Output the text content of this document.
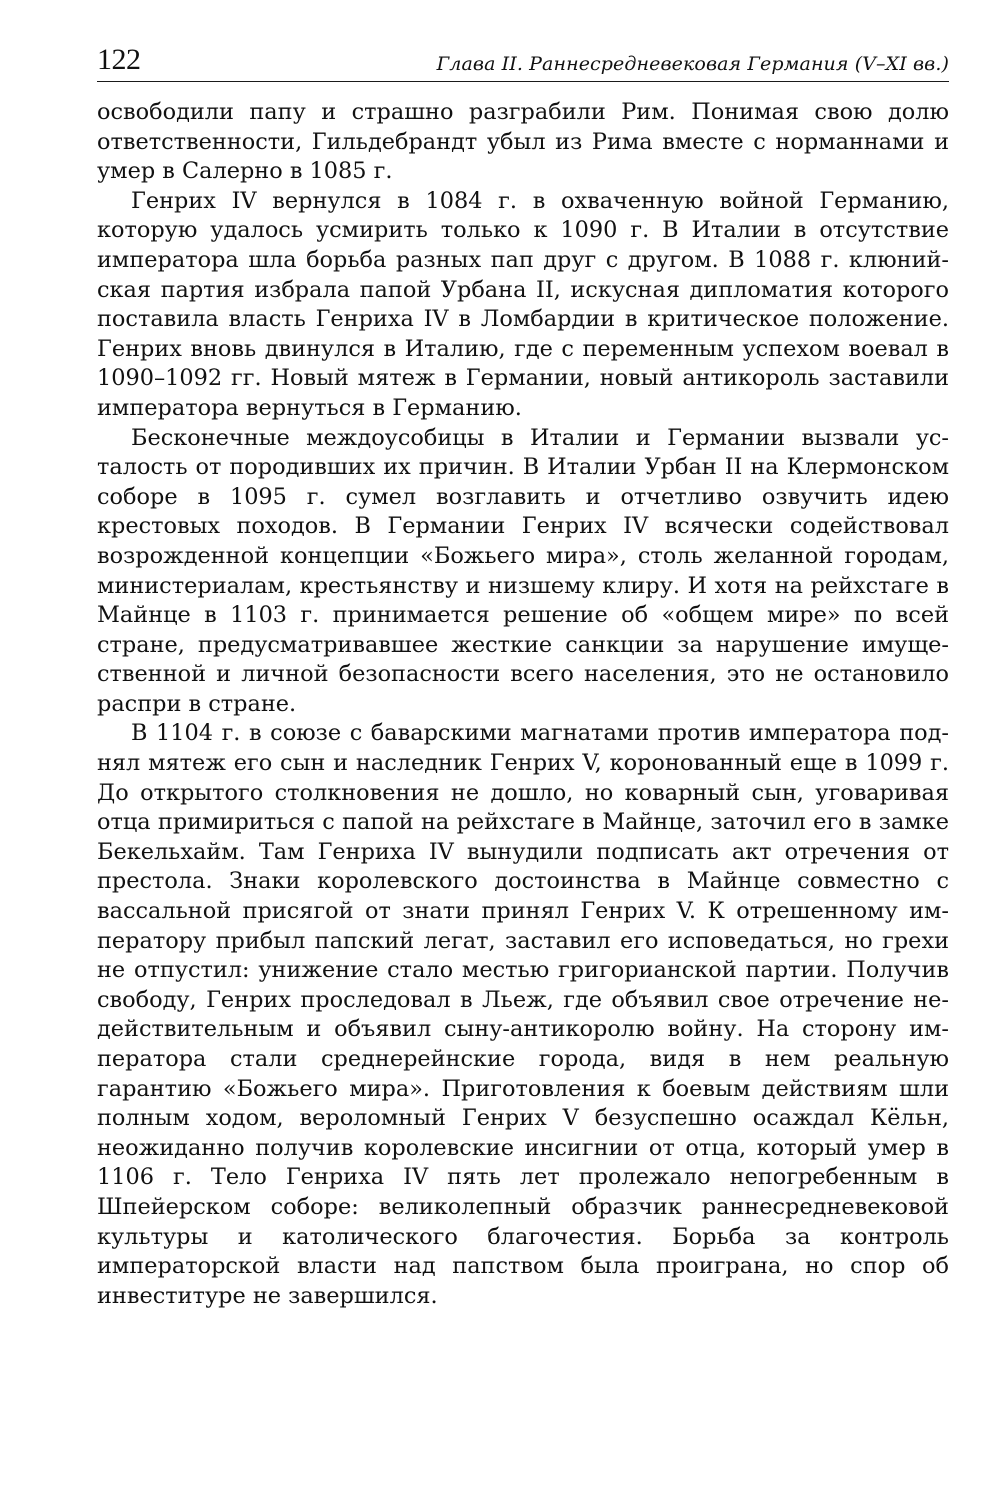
122	Глава II. Раннесредневековая Германия (V–XI вв.)

освободили папу и страшно разграбили Рим. Понимая свою долю ответственности, Гильдебрандт убыл из Рима вместе с норманнами и умер в Салерно в 1085 г.

Генрих IV вернулся в 1084 г. в охваченную войной Германию, которую удалось усмирить только к 1090 г. В Италии в отсутствие императора шла борьба разных пап друг с другом. В 1088 г. клюнийская партия избрала папой Урбана II, искусная дипломатия которого поставила власть Генриха IV в Ломбардии в критическое положение. Генрих вновь двинулся в Италию, где с переменным успехом воевал в 1090–1092 гг. Новый мятеж в Германии, новый антикороль заставили императора вернуться в Германию.

Бесконечные междоусобицы в Италии и Германии вызвали усталость от породивших их причин. В Италии Урбан II на Клермонском соборе в 1095 г. сумел возглавить и отчетливо озвучить идею крестовых походов. В Германии Генрих IV всячески содействовал возрожденной концепции «Божьего мира», столь желанной городам, министериалам, крестьянству и низшему клиру. И хотя на рейхстаге в Майнце в 1103 г. принимается решение об «общем мире» по всей стране, предусматривавшее жесткие санкции за нарушение имущественной и личной безопасности всего населения, это не остановило распри в стране.

В 1104 г. в союзе с баварскими магнатами против императора поднял мятеж его сын и наследник Генрих V, коронованный еще в 1099 г. До открытого столкновения не дошло, но коварный сын, уговаривая отца примириться с папой на рейхстаге в Майнце, заточил его в замке Бекельхайм. Там Генриха IV вынудили подписать акт отречения от престола. Знаки королевского достоинства в Майнце совместно с вассальной присягой от знати принял Генрих V. К отрешенному императору прибыл папский легат, заставил его исповедаться, но грехи не отпустил: унижение стало местью григорианской партии. Получив свободу, Генрих проследовал в Льеж, где объявил свое отречение недействительным и объявил сыну-антикоролю войну. На сторону императора стали среднерейнские города, видя в нем реальную гарантию «Божьего мира». Приготовления к боевым действиям шли полным ходом, вероломный Генрих V безуспешно осаждал Кёльн, неожиданно получив королевские инсигнии от отца, который умер в 1106 г. Тело Генриха IV пять лет пролежало непогребенным в Шпейерском соборе: великолепный образчик раннесредневековой культуры и католического благочестия. Борьба за контроль императорской власти над папством была проиграна, но спор об инвеституре не завершился.
